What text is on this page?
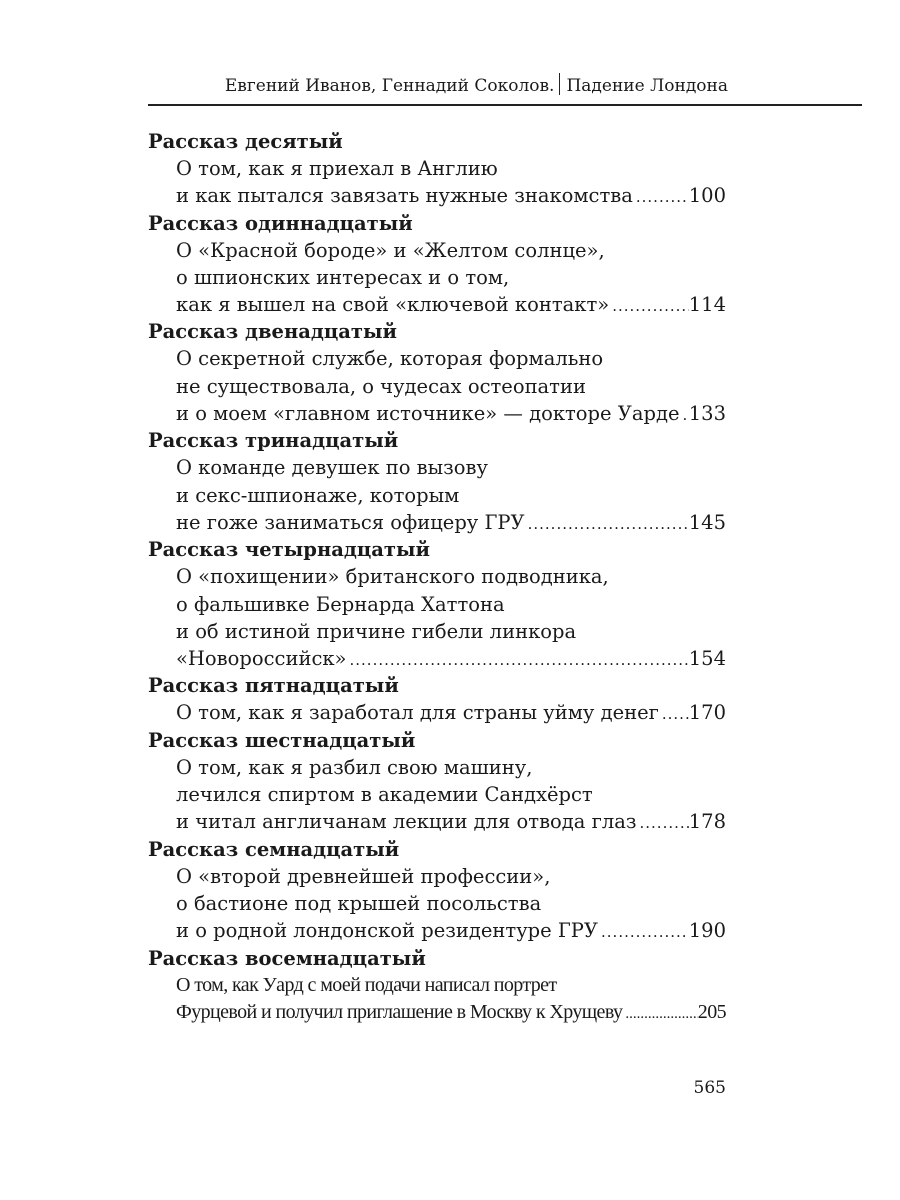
Евгений Иванов, Геннадий Соколов. Падение Лондона
Рассказ десятый
О том, как я приехал в Англию
и как пытался завязать нужные знакомства .....	100
Рассказ одиннадцатый
О «Красной бороде» и «Желтом солнце»,
о шпионских интересах и о том,
как я вышел на свой «ключевой контакт» .....	114
Рассказ двенадцатый
О секретной службе, которая формально
не существовала, о чудесах остеопатии
и о моем «главном источнике» — докторе Уарде ..... 133
Рассказ тринадцатый
О команде девушек по вызову
и секс-шпионаже, которым
не гоже заниматься офицеру ГРУ .....	145
Рассказ четырнадцатый
О «похищении» британского подводника,
о фальшивке Бернарда Хаттона
и об истиной причине гибели линкора
«Новороссийск» .....	154
Рассказ пятнадцатый
О том, как я заработал для страны уйму денег ..... 170
Рассказ шестнадцатый
О том, как я разбил свою машину,
лечился спиртом в академии Сандхёрст
и читал англичанам лекции для отвода глаз .....	178
Рассказ семнадцатый
О «второй древнейшей профессии»,
о бастионе под крышей посольства
и о родной лондонской резидентуре ГРУ .....	190
Рассказ восемнадцатый
О том, как Уард с моей подачи написал портрет
Фурцевой и получил приглашение в Москву к Хрущеву .....	205
565
